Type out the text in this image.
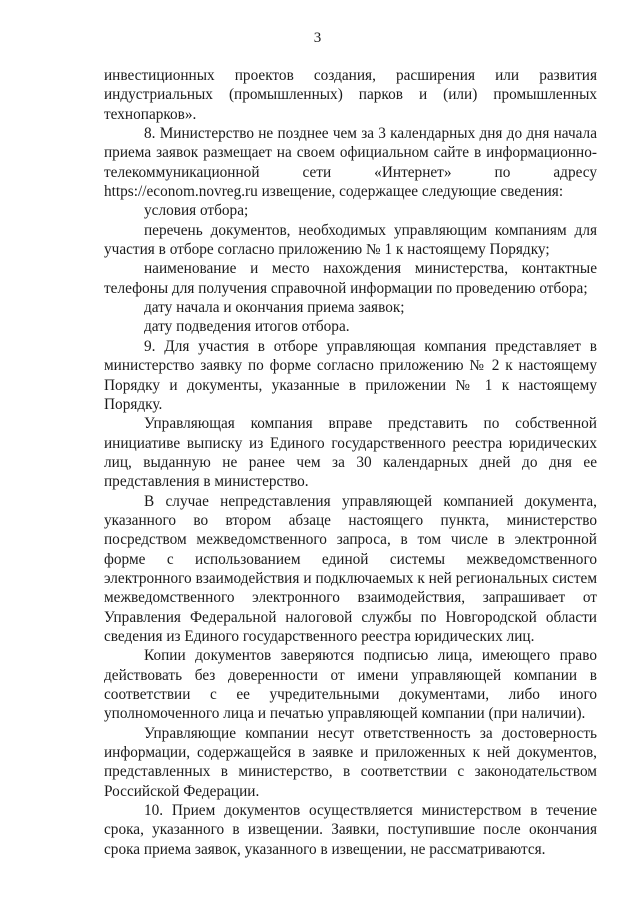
3

инвестиционных проектов создания, расширения или развития индустриальных (промышленных) парков и (или) промышленных технопарков».

8. Министерство не позднее чем за 3 календарных дня до дня начала приема заявок размещает на своем официальном сайте в информационно-телекоммуникационной сети «Интернет» по адресу https://econom.novreg.ru извещение, содержащее следующие сведения:

условия отбора;

перечень документов, необходимых управляющим компаниям для участия в отборе согласно приложению № 1 к настоящему Порядку;

наименование и место нахождения министерства, контактные телефоны для получения справочной информации по проведению отбора;

дату начала и окончания приема заявок;

дату подведения итогов отбора.

9. Для участия в отборе управляющая компания представляет в министерство заявку по форме согласно приложению № 2 к настоящему Порядку и документы, указанные в приложении № 1 к настоящему Порядку.

Управляющая компания вправе представить по собственной инициативе выписку из Единого государственного реестра юридических лиц, выданную не ранее чем за 30 календарных дней до дня ее представления в министерство.

В случае непредставления управляющей компанией документа, указанного во втором абзаце настоящего пункта, министерство посредством межведомственного запроса, в том числе в электронной форме с использованием единой системы межведомственного электронного взаимодействия и подключаемых к ней региональных систем межведомственного электронного взаимодействия, запрашивает от Управления Федеральной налоговой службы по Новгородской области сведения из Единого государственного реестра юридических лиц.

Копии документов заверяются подписью лица, имеющего право действовать без доверенности от имени управляющей компании в соответствии с ее учредительными документами, либо иного уполномоченного лица и печатью управляющей компании (при наличии).

Управляющие компании несут ответственность за достоверность информации, содержащейся в заявке и приложенных к ней документов, представленных в министерство, в соответствии с законодательством Российской Федерации.

10. Прием документов осуществляется министерством в течение срока, указанного в извещении. Заявки, поступившие после окончания срока приема заявок, указанного в извещении, не рассматриваются.
